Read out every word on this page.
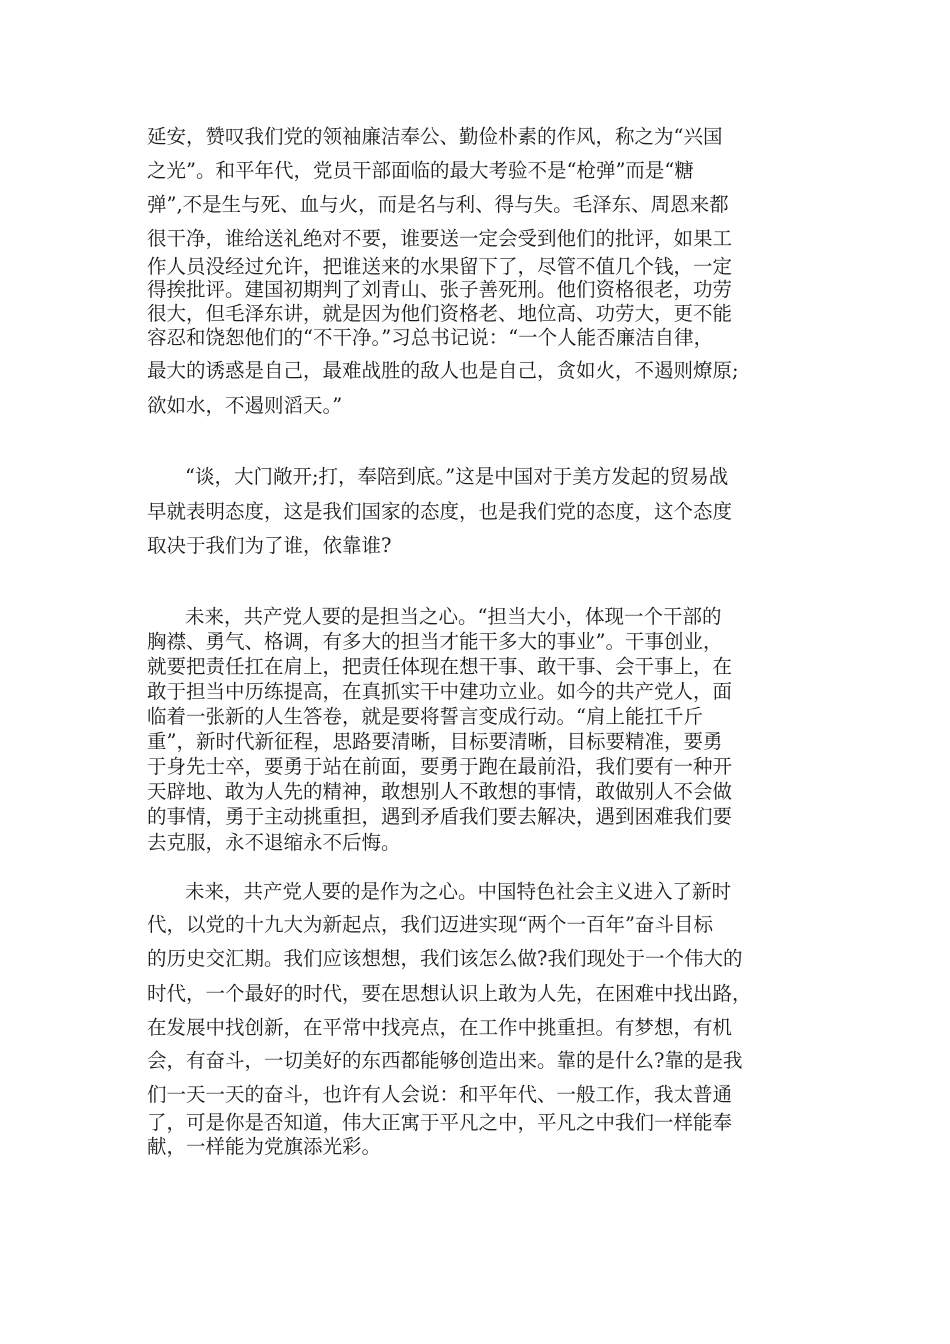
延安，赞叹我们党的领袖廉洁奉公、勤俭朴素的作风，称之为“兴国
之光”。和平年代，党员干部面临的最大考验不是“枪弹”而是“糖
弹”,不是生与死、血与火，而是名与利、得与失。毛泽东、周恩来都
很干净，谁给送礼绝对不要，谁要送一定会受到他们的批评，如果工
作人员没经过允许，把谁送来的水果留下了，尽管不值几个钱，一定
得挨批评。建国初期判了刘青山、张子善死刑。他们资格很老，功劳
很大，但毛泽东讲，就是因为他们资格老、地位高、功劳大，更不能
容忍和饶恕他们的“不干净。”习总书记说：“一个人能否廉洁自律，
最大的诱惑是自己，最难战胜的敌人也是自己，贪如火，不遏则燎原;
欲如水，不遏则滔天。”
“谈，大门敞开;打，奉陪到底。”这是中国对于美方发起的贸易战
早就表明态度，这是我们国家的态度，也是我们党的态度，这个态度
取决于我们为了谁，依靠谁?
未来，共产党人要的是担当之心。“担当大小，体现一个干部的
胸襟、勇气、格调，有多大的担当才能干多大的事业”。干事创业，
就要把责任扛在肩上，把责任体现在想干事、敢干事、会干事上，在
敢于担当中历练提高，在真抓实干中建功立业。如今的共产党人，面
临着一张新的人生答卷，就是要将誓言变成行动。“肩上能扛千斤
重”，新时代新征程，思路要清晰，目标要清晰，目标要精准，要勇
于身先士卒，要勇于站在前面，要勇于跑在最前沿，我们要有一种开
天辟地、敢为人先的精神，敢想别人不敢想的事情，敢做别人不会做
的事情，勇于主动挑重担，遇到矛盾我们要去解决，遇到困难我们要
去克服，永不退缩永不后悔。
未来，共产党人要的是作为之心。中国特色社会主义进入了新时
代，以党的十九大为新起点，我们迈进实现“两个一百年”奋斗目标
的历史交汇期。我们应该想想，我们该怎么做?我们现处于一个伟大的
时代，一个最好的时代，要在思想认识上敢为人先，在困难中找出路，
在发展中找创新，在平常中找亮点，在工作中挑重担。有梦想，有机
会，有奋斗，一切美好的东西都能够创造出来。靠的是什么?靠的是我
们一天一天的奋斗，也许有人会说：和平年代、一般工作，我太普通
了，可是你是否知道，伟大正寓于平凡之中，平凡之中我们一样能奉
献，一样能为党旗添光彩。
